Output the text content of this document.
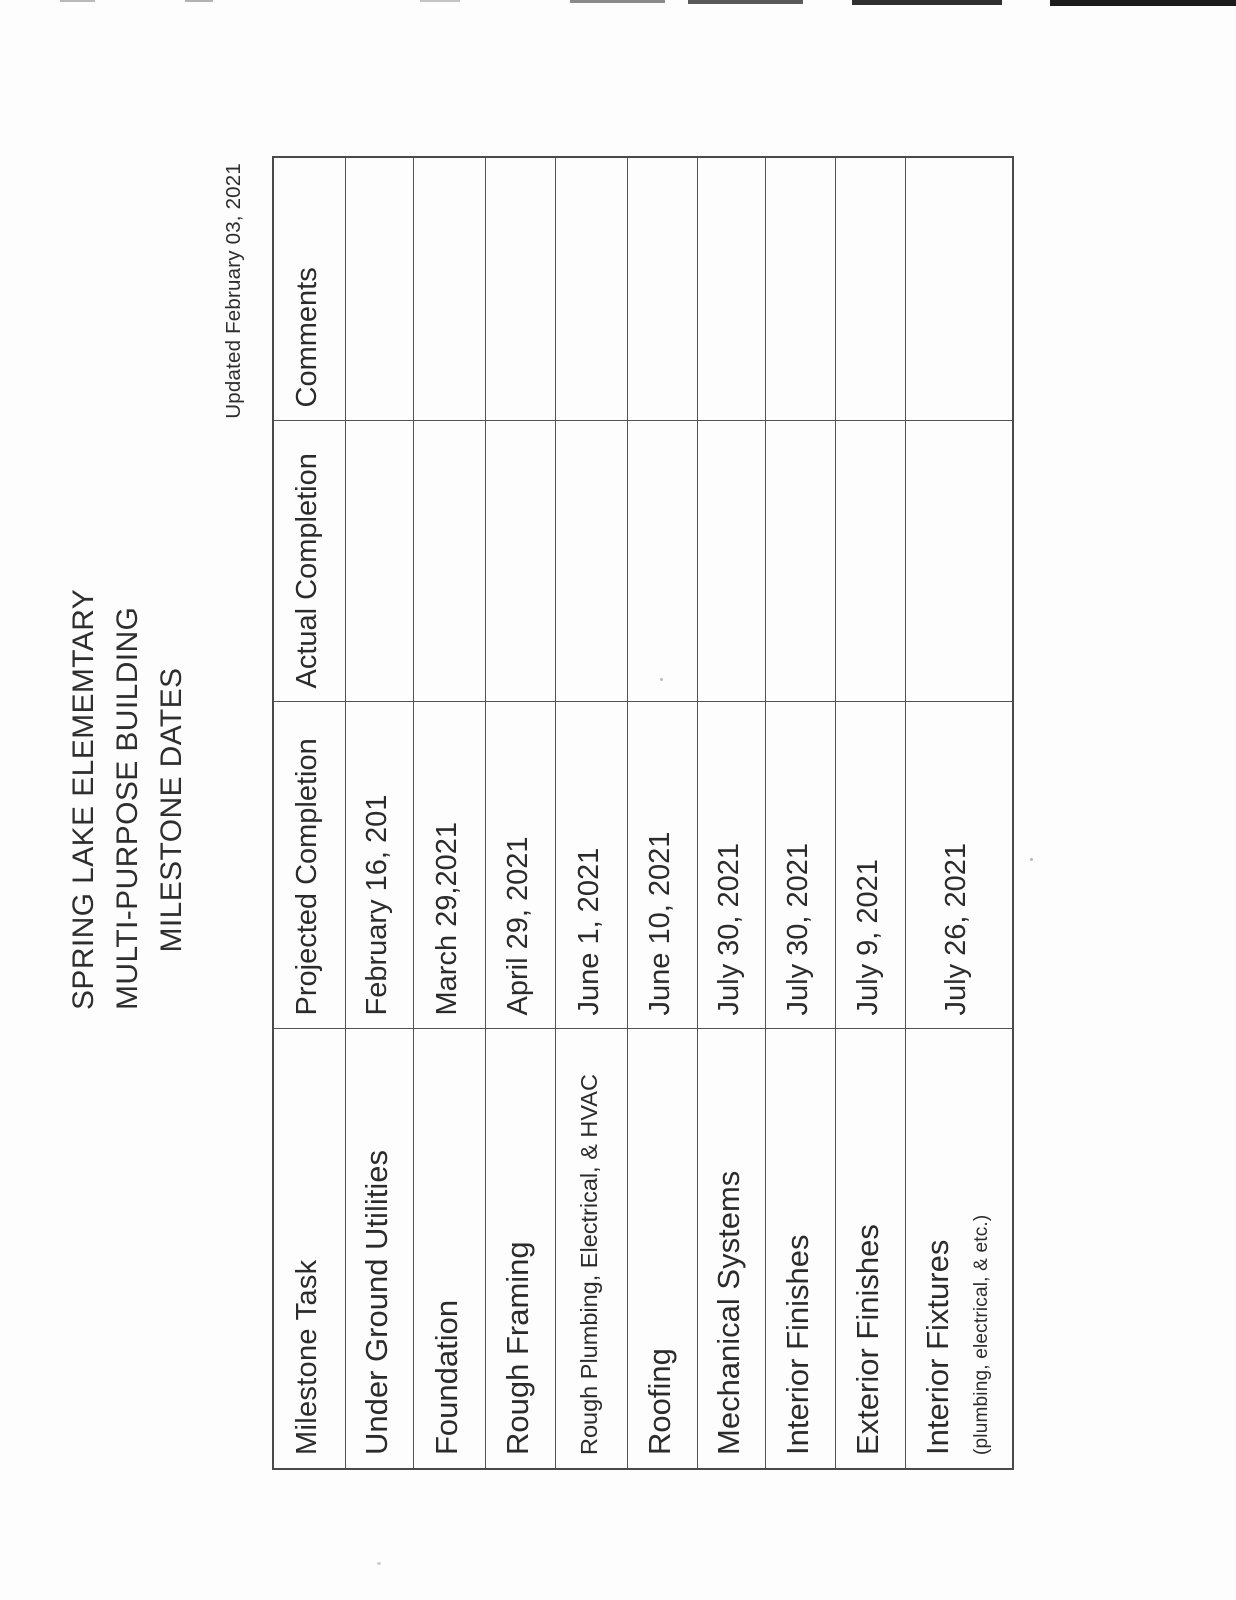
SPRING LAKE ELEMEMTARY MULTI-PURPOSE BUILDING MILESTONE DATES
Updated February 03, 2021
Milestone Task	Projected Completion	Actual Completion	Comments
Under Ground Utilities	February 16, 201		
Foundation	March 29,2021		
Rough Framing	April 29, 2021		
Rough Plumbing, Electrical, & HVAC	June 1, 2021		
Roofing	June 10, 2021		
Mechanical Systems	July 30, 2021		
Interior Finishes	July 30, 2021		
Exterior Finishes	July 9, 2021		

Interior Fixtures (plumbing, electrical, & etc.)	July 26, 2021		
